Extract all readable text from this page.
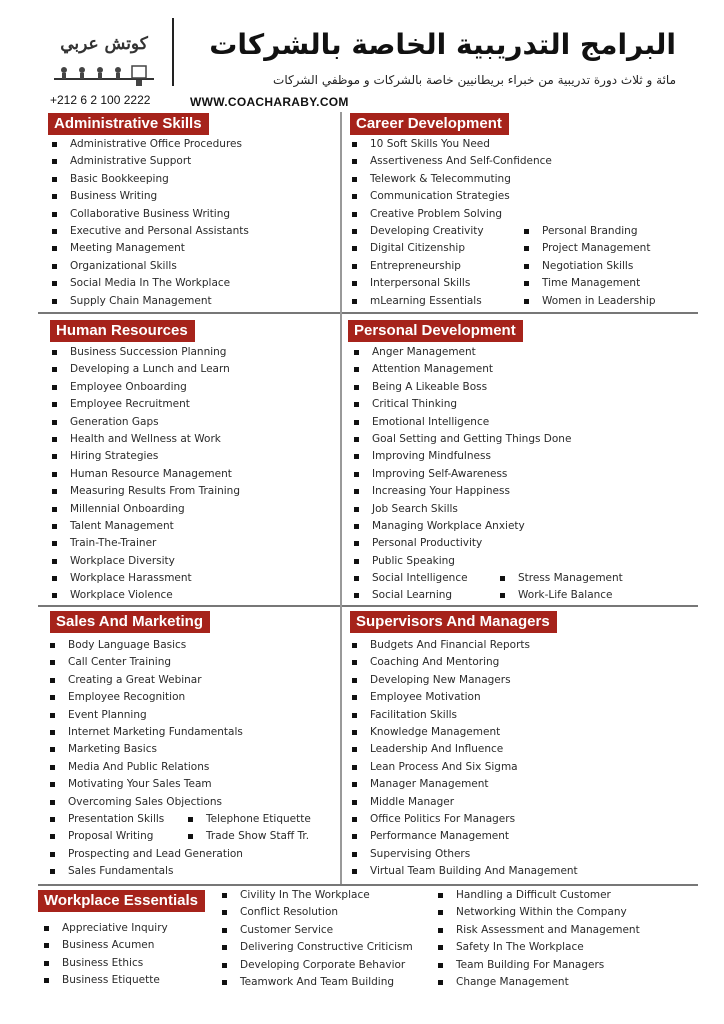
كوتش عربي
+212 6 2 100 2222
البرامج التدريبية الخاصة بالشركات
مائة و ثلاث دورة تدريبية من خبراء بريطانيين خاصة بالشركات و موظفي الشركات
WWW.COACHARABY.COM
Administrative Skills
Administrative Office Procedures
Administrative Support
Basic Bookkeeping
Business Writing
Collaborative Business Writing
Executive and Personal Assistants
Meeting Management
Organizational Skills
Social Media In The Workplace
Supply Chain Management
Career Development
10 Soft Skills You Need
Assertiveness And Self-Confidence
Telework & Telecommuting
Communication Strategies
Creative Problem Solving
Developing Creativity
Digital Citizenship
Entrepreneurship
Interpersonal Skills
mLearning Essentials
Personal Branding
Project Management
Negotiation Skills
Time Management
Women in Leadership
Human Resources
Business Succession Planning
Developing a Lunch and Learn
Employee Onboarding
Employee Recruitment
Generation Gaps
Health and Wellness at Work
Hiring Strategies
Human Resource Management
Measuring Results From Training
Millennial Onboarding
Talent Management
Train-The-Trainer
Workplace Diversity
Workplace Harassment
Workplace Violence
Personal Development
Anger Management
Attention Management
Being A Likeable Boss
Critical Thinking
Emotional Intelligence
Goal Setting and Getting Things Done
Improving Mindfulness
Improving Self-Awareness
Increasing Your Happiness
Job Search Skills
Managing Workplace Anxiety
Personal Productivity
Public Speaking
Social Intelligence
Social Learning
Stress Management
Work-Life Balance
Sales And Marketing
Body Language Basics
Call Center Training
Creating a Great Webinar
Employee Recognition
Event Planning
Internet Marketing Fundamentals
Marketing Basics
Media And Public Relations
Motivating Your Sales Team
Overcoming Sales Objections
Presentation Skills
Proposal Writing
Prospecting and Lead Generation
Sales Fundamentals
Telephone Etiquette
Trade Show Staff Tr.
Supervisors And Managers
Budgets And Financial Reports
Coaching And Mentoring
Developing New Managers
Employee Motivation
Facilitation Skills
Knowledge Management
Leadership And Influence
Lean Process And Six Sigma
Manager Management
Middle Manager
Office Politics For Managers
Performance Management
Supervising Others
Virtual Team Building And Management
Workplace Essentials
Appreciative Inquiry
Business Acumen
Business Ethics
Business Etiquette
Civility In The Workplace
Conflict Resolution
Customer Service
Delivering Constructive Criticism
Developing Corporate Behavior
Teamwork And Team Building
Handling a Difficult Customer
Networking Within the Company
Risk Assessment and Management
Safety In The Workplace
Team Building For Managers
Change Management
